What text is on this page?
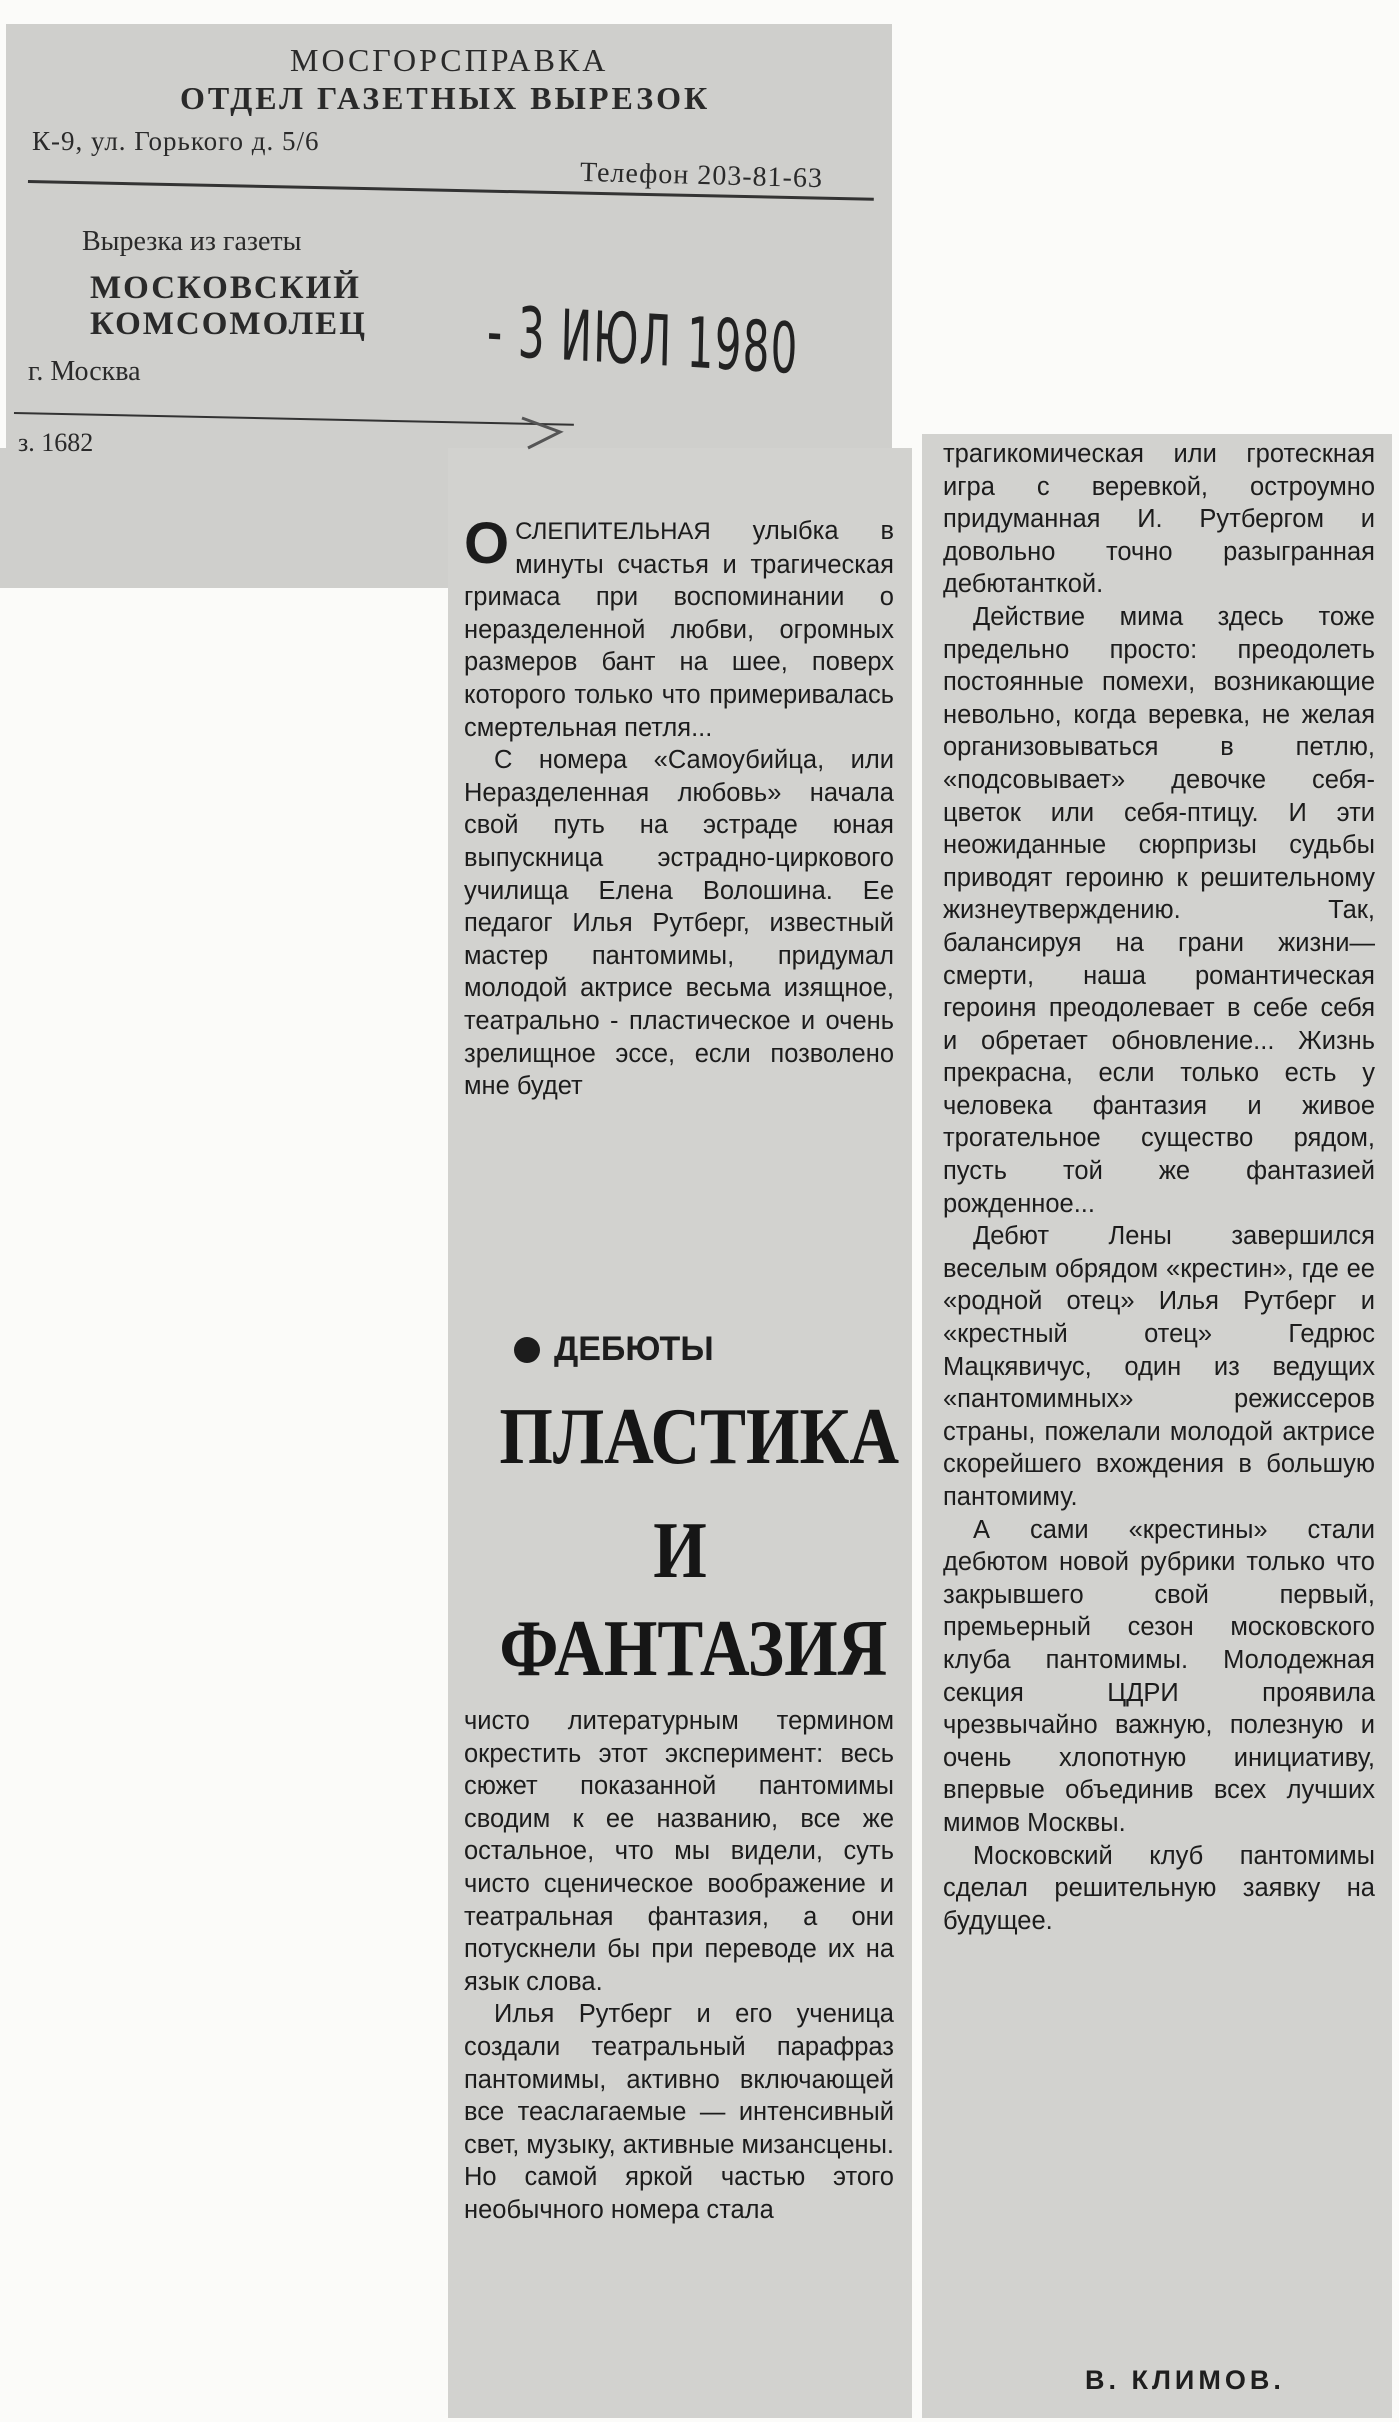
МОСГОРСПРАВКА
ОТДЕЛ ГАЗЕТНЫХ ВЫРЕЗОК
К-9, ул. Горького д. 5/6
Телефон 203-81-63
Вырезка из газеты
МОСКОВСКИЙ
КОМСОМОЛЕЦ
г. Москва
з. 1682
- 3 ИЮЛ 1980

ОСЛЕПИТЕЛЬНАЯ улыбка в минуты счастья и трагическая гримаса при воспоминании о неразделенной любви, огромных размеров бант на шее, поверх которого только что примеривалась смертельная петля...

С номера «Самоубийца, или Неразделенная любовь» начала свой путь на эстраде юная выпускница эстрадно-циркового училища Елена Волошина. Ее педагог Илья Рутберг, известный мастер пантомимы, придумал молодой актрисе весьма изящное, театрально - пластическое и очень зрелищное эссе, если позволено мне будет

ДЕБЮТЫ
ПЛАСТИКА
И
ФАНТАЗИЯ

чисто литературным термином окрестить этот эксперимент: весь сюжет показанной пантомимы сводим к ее названию, все же остальное, что мы видели, суть чисто сценическое воображение и театральная фантазия, а они потускнели бы при переводе их на язык слова.

Илья Рутберг и его ученица создали театральный парафраз пантомимы, активно включающей все теаслагаемые — интенсивный свет, музыку, активные мизансцены. Но самой яркой частью этого необычного номера стала

трагикомическая или гротескная игра с веревкой, остроумно придуманная И. Рутбергом и довольно точно разыгранная дебютанткой.

Действие мима здесь тоже предельно просто: преодолеть постоянные помехи, возникающие невольно, когда веревка, не желая организовываться в петлю, «подсовывает» девочке себя-цветок или себя-птицу. И эти неожиданные сюрпризы судьбы приводят героиню к решительному жизнеутверждению. Так, балансируя на грани жизни—смерти, наша романтическая героиня преодолевает в себе себя и обретает обновление... Жизнь прекрасна, если только есть у человека фантазия и живое трогательное существо рядом, пусть той же фантазией рожденное...

Дебют Лены завершился веселым обрядом «крестин», где ее «родной отец» Илья Рутберг и «крестный отец» Гедрюс Мацкявичус, один из ведущих «пантомимных» режиссеров страны, пожелали молодой актрисе скорейшего вхождения в большую пантомиму.

А сами «крестины» стали дебютом новой рубрики только что закрывшего свой первый, премьерный сезон московского клуба пантомимы. Молодежная секция ЦДРИ проявила чрезвычайно важную, полезную и очень хлопотную инициативу, впервые объединив всех лучших мимов Москвы.

Московский клуб пантомимы сделал решительную заявку на будущее.

В. КЛИМОВ.
